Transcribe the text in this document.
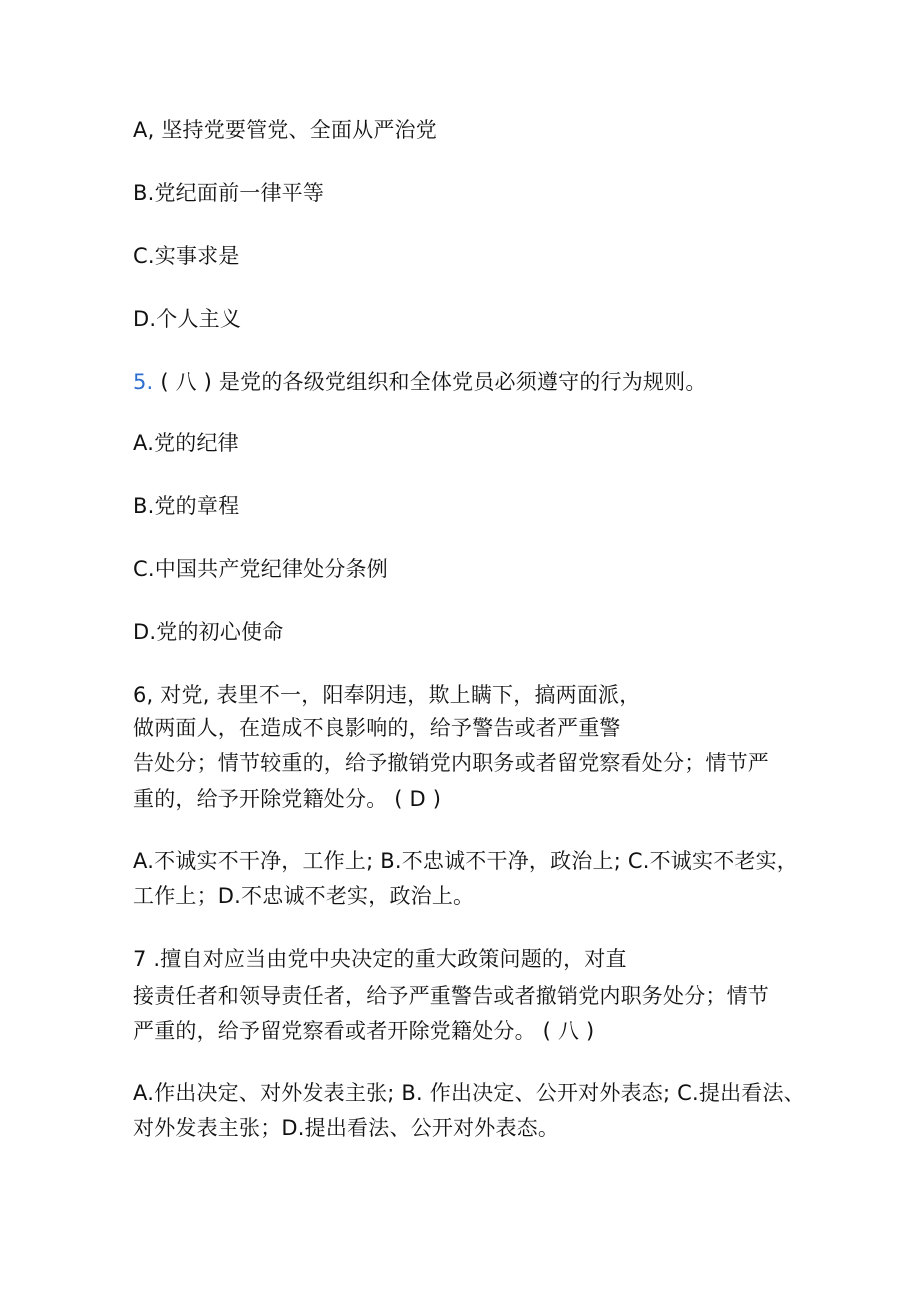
A, 坚持党要管党、全面从严治党
B.党纪面前一律平等
C.实事求是
D.个人主义
5. ( 八 ) 是党的各级党组织和全体党员必须遵守的行为规则。
A.党的纪律
B.党的章程
C.中国共产党纪律处分条例
D.党的初心使命
6, 对党, 表里不一，阳奉阴违，欺上瞒下，搞两面派，
做两面人，在造成不良影响的，给予警告或者严重警
告处分；情节较重的，给予撤销党内职务或者留党察看处分；情节严
重的，给予开除党籍处分。 ( D )
A.不诚实不干净，工作上; B.不忠诚不干净，政治上; C.不诚实不老实，
工作上；D.不忠诚不老实，政治上。
7 .擅自对应当由党中央决定的重大政策问题的，对直
接责任者和领导责任者，给予严重警告或者撤销党内职务处分；情节
严重的，给予留党察看或者开除党籍处分。 ( 八 )
A.作出决定、对外发表主张; B. 作出决定、公开对外表态; C.提出看法、
对外发表主张；D.提出看法、公开对外表态。
